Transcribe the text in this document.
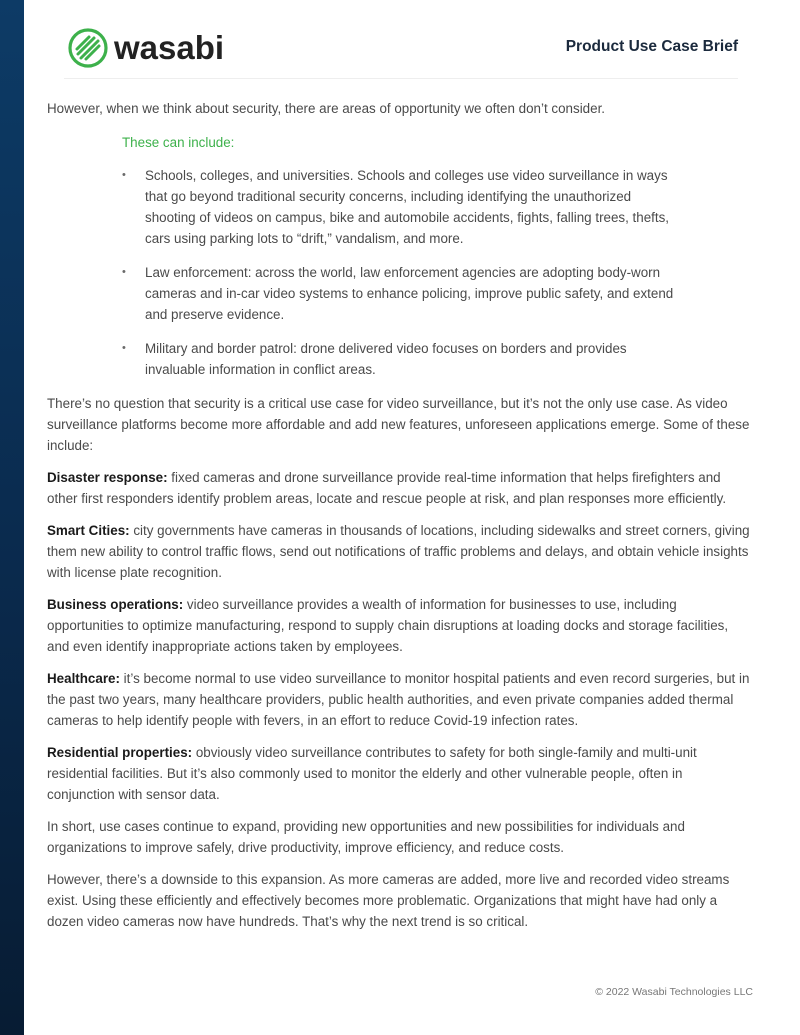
wasabi	Product Use Case Brief

However, when we think about security, there are areas of opportunity we often don’t consider.

These can include:
• Schools, colleges, and universities. Schools and colleges use video surveillance in ways that go beyond traditional security concerns, including identifying the unauthorized shooting of videos on campus, bike and automobile accidents, fights, falling trees, thefts, cars using parking lots to “drift,” vandalism, and more.
• Law enforcement: across the world, law enforcement agencies are adopting body-worn cameras and in-car video systems to enhance policing, improve public safety, and extend and preserve evidence.
• Military and border patrol: drone delivered video focuses on borders and provides invaluable information in conflict areas.

There’s no question that security is a critical use case for video surveillance, but it’s not the only use case. As video surveillance platforms become more affordable and add new features, unforeseen applications emerge. Some of these include:

Disaster response: fixed cameras and drone surveillance provide real-time information that helps firefighters and other first responders identify problem areas, locate and rescue people at risk, and plan responses more efficiently.

Smart Cities: city governments have cameras in thousands of locations, including sidewalks and street corners, giving them new ability to control traffic flows, send out notifications of traffic problems and delays, and obtain vehicle insights with license plate recognition.

Business operations: video surveillance provides a wealth of information for businesses to use, including opportunities to optimize manufacturing, respond to supply chain disruptions at loading docks and storage facilities, and even identify inappropriate actions taken by employees.

Healthcare: it’s become normal to use video surveillance to monitor hospital patients and even record surgeries, but in the past two years, many healthcare providers, public health authorities, and even private companies added thermal cameras to help identify people with fevers, in an effort to reduce Covid-19 infection rates.

Residential properties: obviously video surveillance contributes to safety for both single-family and multi-unit residential facilities. But it’s also commonly used to monitor the elderly and other vulnerable people, often in conjunction with sensor data.

In short, use cases continue to expand, providing new opportunities and new possibilities for individuals and organizations to improve safely, drive productivity, improve efficiency, and reduce costs.

However, there’s a downside to this expansion. As more cameras are added, more live and recorded video streams exist. Using these efficiently and effectively becomes more problematic. Organizations that might have had only a dozen video cameras now have hundreds. That’s why the next trend is so critical.

© 2022 Wasabi Technologies LLC
